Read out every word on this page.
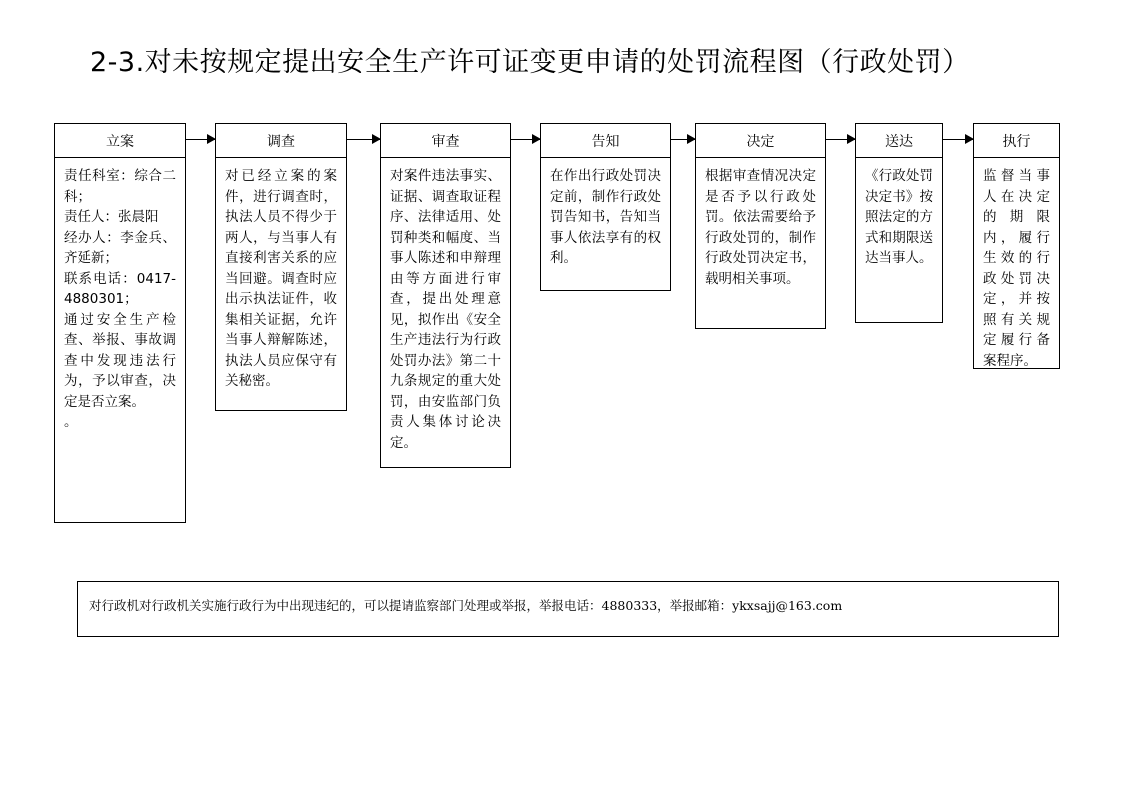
2-3.对未按规定提出安全生产许可证变更申请的处罚流程图（行政处罚）
立案
责任科室：综合二科；
责任人：张晨阳
经办人：李金兵、齐延新；
联系电话：0417-4880301；
通过安全生产检查、举报、事故调查中发现违法行为，予以审查，决定是否立案。
。
调查
对已经立案的案件，进行调查时，执法人员不得少于两人，与当事人有直接利害关系的应当回避。调查时应出示执法证件，收集相关证据，允许当事人辩解陈述，执法人员应保守有关秘密。
审查
对案件违法事实、证据、调查取证程序、法律适用、处罚种类和幅度、当事人陈述和申辩理由等方面进行审查，提出处理意见，拟作出《安全生产违法行为行政处罚办法》第二十九条规定的重大处罚，由安监部门负责人集体讨论决定。
告知
在作出行政处罚决定前，制作行政处罚告知书，告知当事人依法享有的权利。
决定
根据审查情况决定是否予以行政处罚。依法需要给予行政处罚的，制作行政处罚决定书，载明相关事项。
送达
《行政处罚决定书》按照法定的方式和期限送达当事人。
执行
监督当事人在决定的期限内，履行生效的行政处罚决定，并按照有关规定履行备案程序。
对行政机对行政机关实施行政行为中出现违纪的，可以提请监察部门处理或举报，举报电话：4880333，举报邮箱：ykxsajj@163.com
